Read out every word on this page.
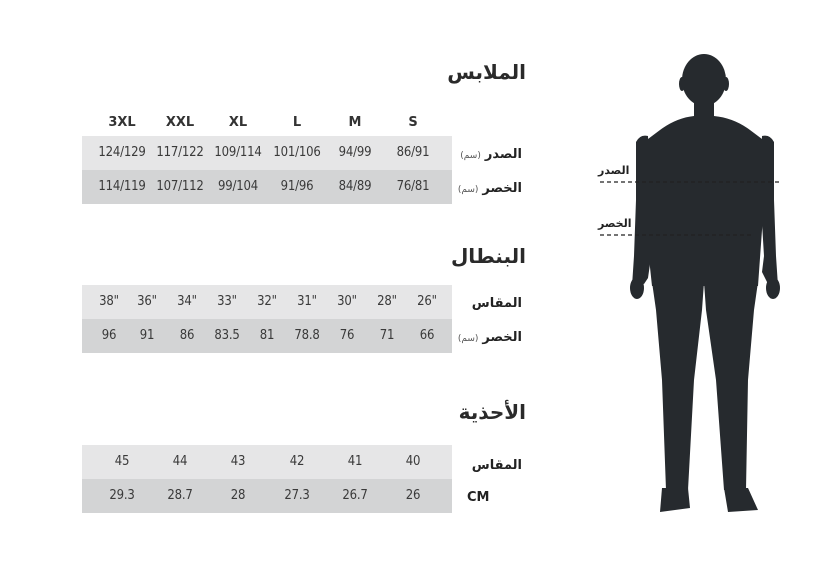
الملابس
3XL	XXL	XL	L	M	S
124/129 117/122 109/114 101/106	94/99	86/91	الصدر(سم)
114/119 107/112	99/104	91/96	84/89	76/81	الخصر(سم)
البنطال
38"	36"	34"	33"	32"	31"	30"	28"	26"	المقاس
96	91	86	83.5	81	78.8	76	71	66	الخصر(سم)
الأحذية
45	44	43	42	41	40	المقاس
29.3	28.7	28	27.3	26.7	26	CM
الصدر
الخصر
